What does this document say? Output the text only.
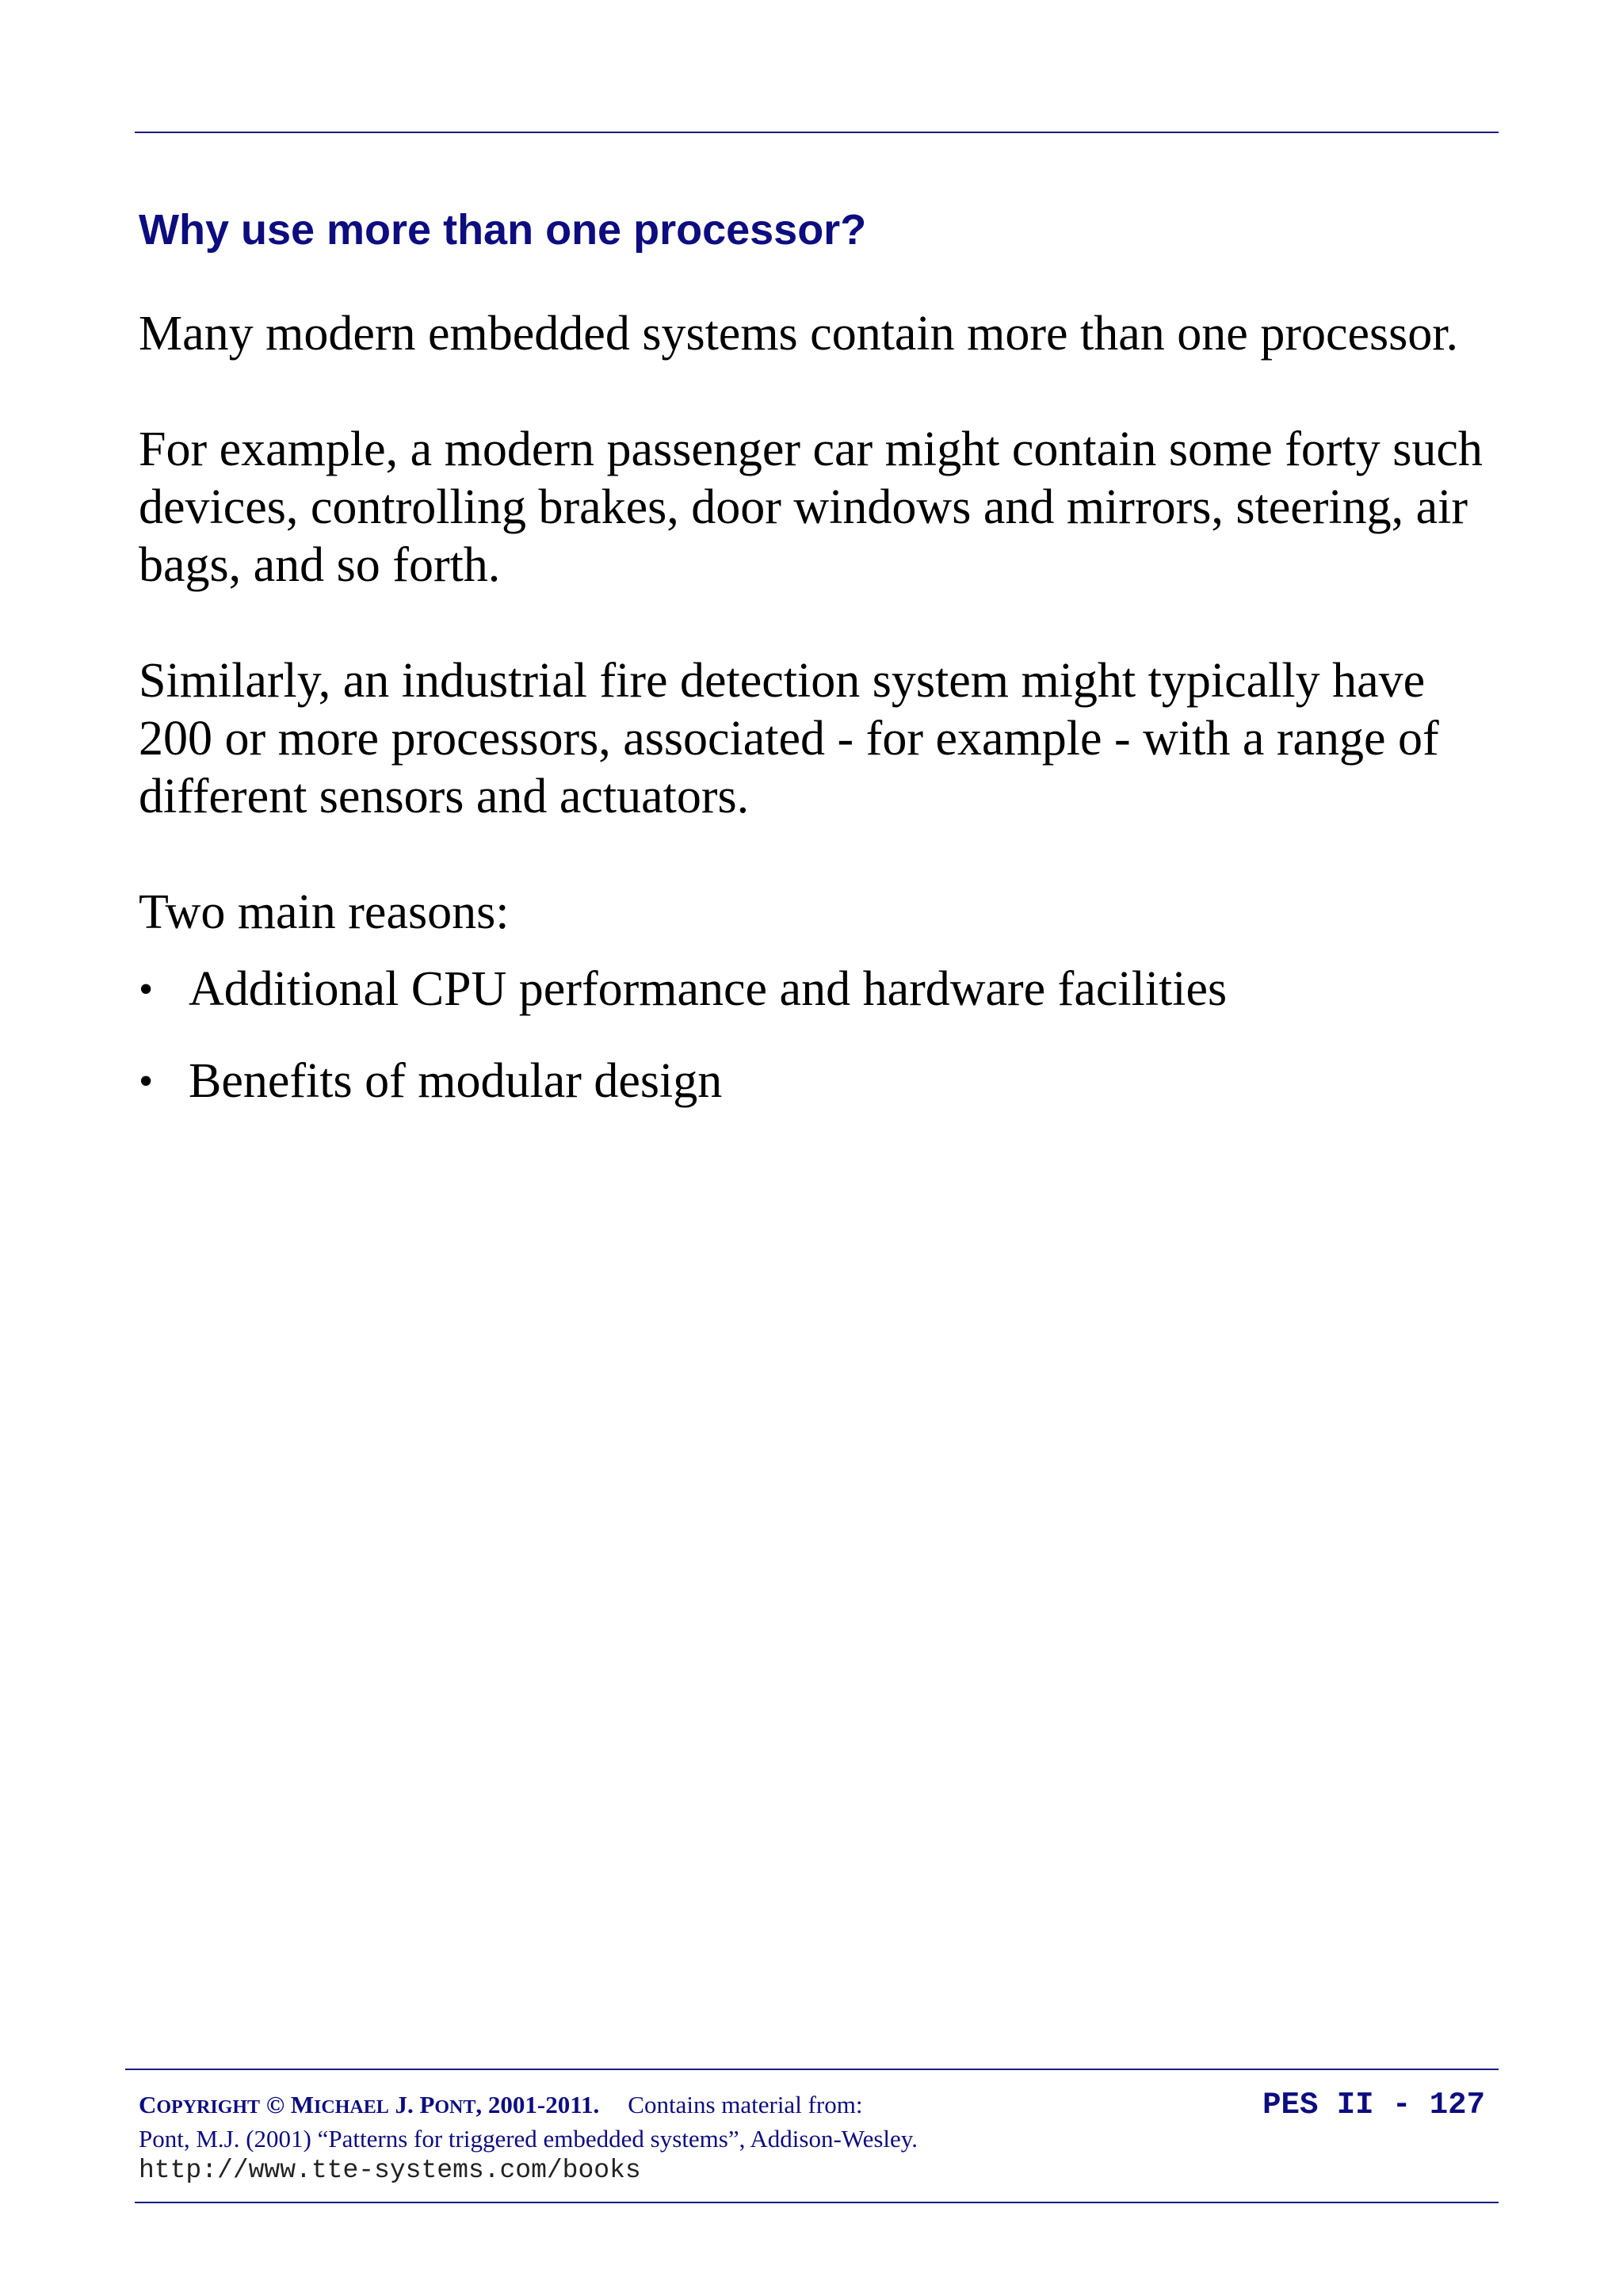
Why use more than one processor?

Many modern embedded systems contain more than one processor.

For example, a modern passenger car might contain some forty such devices, controlling brakes, door windows and mirrors, steering, air bags, and so forth.

Similarly, an industrial fire detection system might typically have 200 or more processors, associated - for example - with a range of different sensors and actuators.

Two main reasons:

• Additional CPU performance and hardware facilities
• Benefits of modular design
COPYRIGHT © MICHAEL J. PONT, 2001-2011. Contains material from:
Pont, M.J. (2001) “Patterns for triggered embedded systems”, Addison-Wesley.
http://www.tte-systems.com/books
PES II - 127
